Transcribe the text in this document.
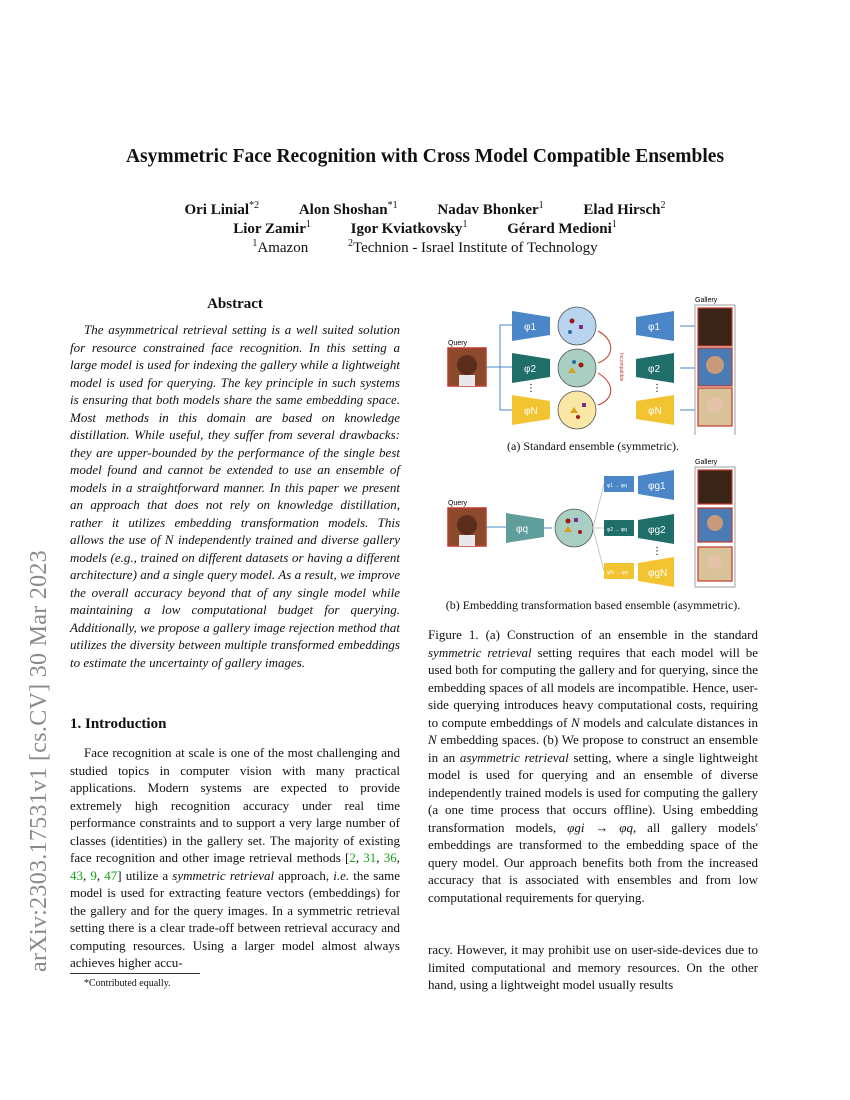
Asymmetric Face Recognition with Cross Model Compatible Ensembles
Ori Linial$^{*2}$	Alon Shoshan$^{*1}$	Nadav Bhonker$^1$	Elad Hirsch$^2$
Lior Zamir$^1$	Igor Kviatkovsky$^1$	Gérard Medioni$^1$
$^1$Amazon	$^2$Technion - Israel Institute of Technology
arXiv:2303.17531v1 [cs.CV] 30 Mar 2023
Abstract
The asymmetrical retrieval setting is a well suited solution for resource constrained face recognition. In this setting a large model is used for indexing the gallery while a lightweight model is used for querying. The key principle in such systems is ensuring that both models share the same embedding space. Most methods in this domain are based on knowledge distillation. While useful, they suffer from several drawbacks: they are upper-bounded by the performance of the single best model found and cannot be extended to use an ensemble of models in a straightforward manner. In this paper we present an approach that does not rely on knowledge distillation, rather it utilizes embedding transformation models. This allows the use of N independently trained and diverse gallery models (e.g., trained on different datasets or having a different architecture) and a single query model. As a result, we improve the overall accuracy beyond that of any single model while maintaining a low computational budget for querying. Additionally, we propose a gallery image rejection method that utilizes the diversity between multiple transformed embeddings to estimate the uncertainty of gallery images.
1. Introduction
Face recognition at scale is one of the most challenging and studied topics in computer vision with many practical applications. Modern systems are expected to provide extremely high recognition accuracy under real time performance constraints and to support a very large number of classes (identities) in the gallery set. The majority of existing face recognition and other image retrieval methods [2, 31, 36, 43, 9, 47] utilize a symmetric retrieval approach, i.e. the same model is used for extracting feature vectors (embeddings) for the gallery and for the query images. In a symmetric retrieval setting there is a clear trade-off between retrieval accuracy and computing resources. Using a larger model almost always achieves higher accu-
*Contributed equally.
Gallery
Query
φ1
φ2
φN
⋮
Incompatible
φ1
φ2
φN
⋮
(a) Standard ensemble (symmetric).
Gallery
Query
φq
φ1 → φq
φ2 → φq
φN → φq
φg1
φg2
φgN
⋮
(b) Embedding transformation based ensemble (asymmetric).
Figure 1. (a) Construction of an ensemble in the standard symmetric retrieval setting requires that each model will be used both for computing the gallery and for querying, since the embedding spaces of all models are incompatible. Hence, user-side querying introduces heavy computational costs, requiring to compute embeddings of N models and calculate distances in N embedding spaces. (b) We propose to construct an ensemble in an asymmetric retrieval setting, where a single lightweight model is used for querying and an ensemble of diverse independently trained models is used for computing the gallery (a one time process that occurs offline). Using embedding transformation models, φgi → φq, all gallery models' embeddings are transformed to the embedding space of the query model. Our approach benefits both from the increased accuracy that is associated with ensembles and from low computational requirements for querying.
racy. However, it may prohibit use on user-side-devices due to limited computational and memory resources. On the other hand, using a lightweight model usually results
